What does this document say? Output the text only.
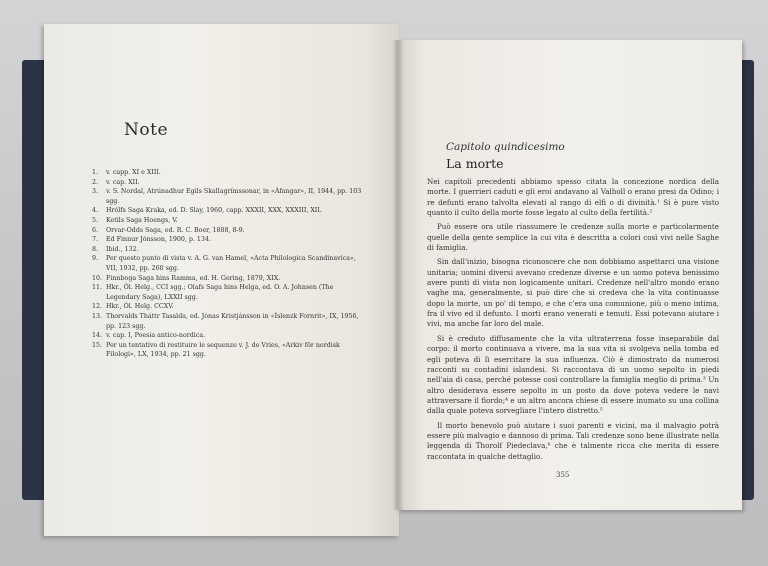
Note
1. v. capp. XI e XIII.
2. v. cap. XII.
3. v. S. Nordal, Atrúnadhur Egils Skallagrímssonar, in «Áfangar», II, 1944, pp. 103 sgg.
4. Hrólfs Saga Kraka, ed. D. Slay, 1960, capp. XXXII, XXX, XXXIII, XII.
5. Ketils Saga Hoengs, V.
6. Orvar-Odds Saga, ed. R. C. Boer, 1888, 8-9.
7. Ed Finnur Jónsson, 1900, p. 134.
8. Ibid., 132.
9. Per questo punto di vista v. A. G. van Hamel, «Acta Philologica Scandinavica», VII, 1932, pp. 260 sgg.
10. Finnboga Saga hins Ramma, ed. H. Gering, 1879, XIX.
11. Hkr., Ól. Helg., CCI sgg.; Olafs Saga hins Helga, ed. O. A. Johnsen (The Legendary Saga), LXXII sgg.
12. Hkr., Ól. Helg. CCXV.
13. Thorvalds Tháttr Tasalda, ed. Jónas Kristjánsson in «Íslenzk Fornrit», IX, 1956, pp. 123 sgg.
14. v. cap. I, Poesia antico-nordica.
15. Per un tentativo di restituire le sequenze v. J. de Vries, «Arkiv för nordisk Filologi», LX, 1934, pp. 21 sgg.
Capitolo quindicesimo
La morte

Nei capitoli precedenti abbiamo spesso citata la concezione nordica della morte. I guerrieri caduti e gli eroi andavano al Valholl o erano presi da Odino; i re defunti erano talvolta elevati al rango di elfi o di divinità.¹ Si è pure visto quanto il culto della morte fosse legato al culto della fertilità.²

Può essere ora utile riassumere le credenze sulla morte e particolarmente quelle della gente semplice la cui vita è descritta a colori così vivi nelle Saghe di famiglia.

Sin dall'inizio, bisogna riconoscere che non dobbiamo aspettarci una visione unitaria; uomini diversi avevano credenze diverse e un uomo poteva benissimo avere punti di vista non logicamente unitari. Credenze nell'altro mondo erano vaghe ma, generalmente, si può dire che si credeva che la vita continuasse dopo la morte, un po' di tempo, e che c'era una comunione, più o meno intima, fra il vivo ed il defunto. I morti erano venerati e temuti. Essi potevano aiutare i vivi, ma anche far loro del male.

Si è creduto diffusamente che la vita ultraterrena fosse inseparabile dal corpo: il morto continuava a vivere, ma la sua vita si svolgeva nella tomba ed egli poteva di lì esercitare la sua influenza. Ciò è dimostrato da numerosi racconti su contadini islandesi. Si raccontava di un uomo sepolto in piedi nell'aia di casa, perché potesse così controllare la famiglia meglio di prima.³ Un altro desiderava essere sepolto in un posto da dove poteva vedere le navi attraversare il fiordo;⁴ e un altro ancora chiese di essere inumato su una collina dalla quale poteva sorvegliare l'intero distretto.⁵

Il morto benevolo può aiutare i suoi parenti e vicini, ma il malvagio potrà essere più malvagio e dannoso di prima. Tali credenze sono bene illustrate nella leggenda di Thorolf Piedeclava,⁶ che è talmente ricca che merita di essere raccontata in qualche dettaglio.

355
